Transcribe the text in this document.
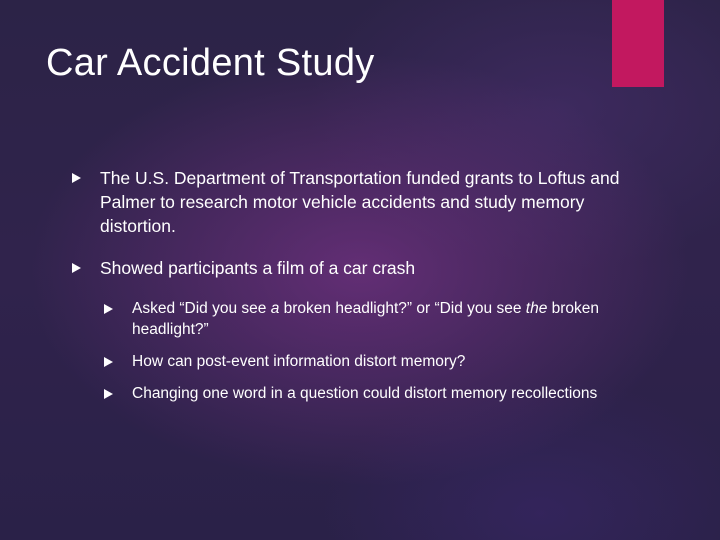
Car Accident Study
The U.S. Department of Transportation funded grants to Loftus and Palmer to research motor vehicle accidents and study memory distortion.
Showed participants a film of a car crash
Asked “Did you see a broken headlight?” or “Did you see the broken headlight?”
How can post-event information distort memory?
Changing one word in a question could distort memory recollections
